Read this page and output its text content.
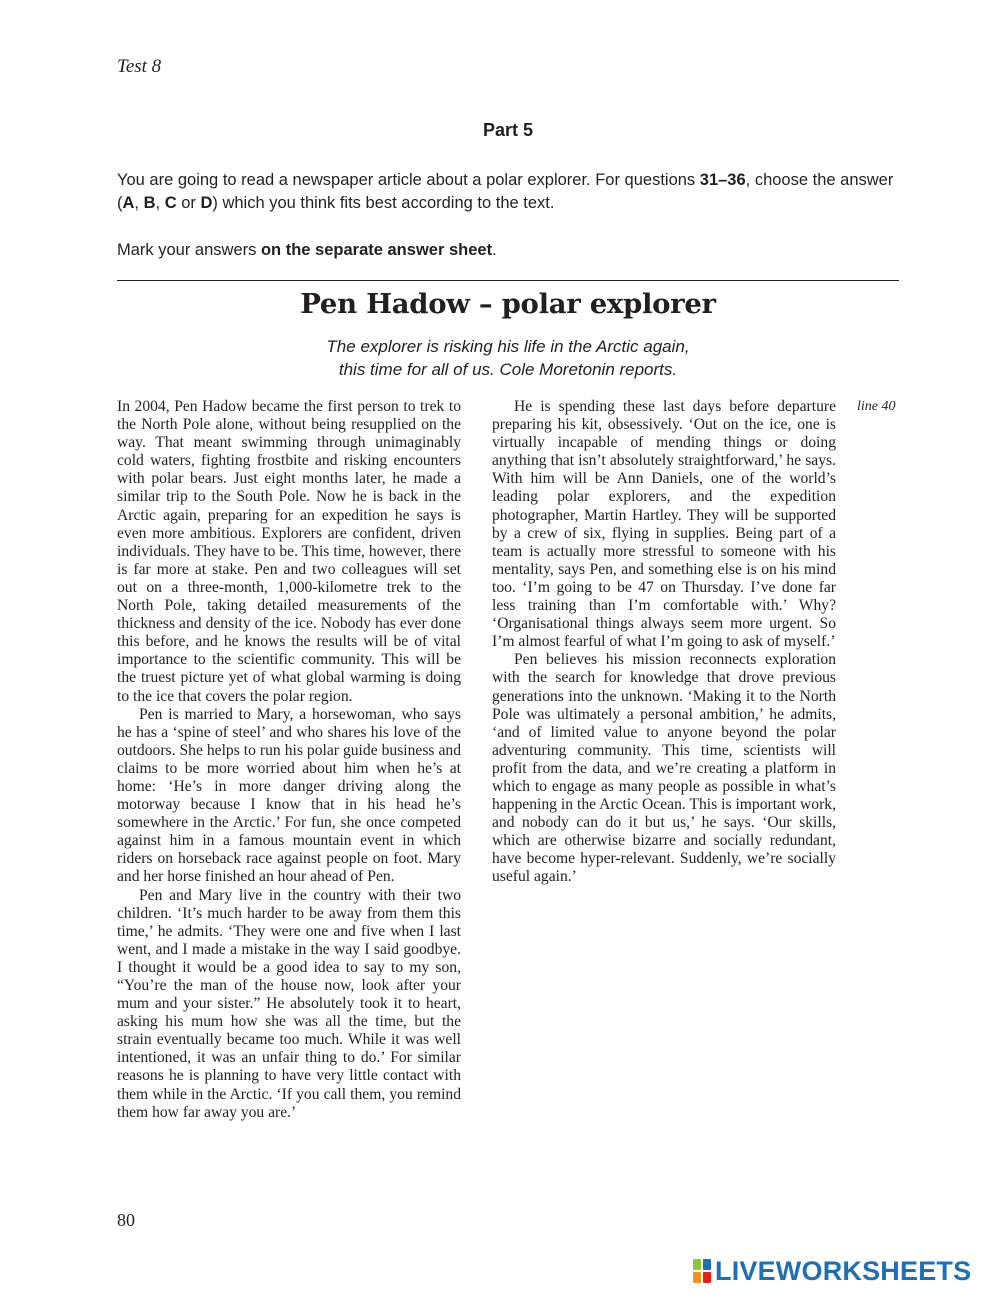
Test 8
Part 5
You are going to read a newspaper article about a polar explorer. For questions 31–36, choose the answer (A, B, C or D) which you think fits best according to the text.
Mark your answers on the separate answer sheet.
Pen Hadow – polar explorer
The explorer is risking his life in the Arctic again,
this time for all of us. Cole Moretonin reports.

In 2004, Pen Hadow became the first person to trek to the North Pole alone, without being resupplied on the way. That meant swimming through unimaginably cold waters, fighting frostbite and risking encounters with polar bears. Just eight months later, he made a similar trip to the South Pole. Now he is back in the Arctic again, preparing for an expedition he says is even more ambitious. Explorers are confident, driven individuals. They have to be. This time, however, there is far more at stake. Pen and two colleagues will set out on a three-month, 1,000-kilometre trek to the North Pole, taking detailed measurements of the thickness and density of the ice. Nobody has ever done this before, and he knows the results will be of vital importance to the scientific community. This will be the truest picture yet of what global warming is doing to the ice that covers the polar region.

Pen is married to Mary, a horsewoman, who says he has a ‘spine of steel’ and who shares his love of the outdoors. She helps to run his polar guide business and claims to be more worried about him when he’s at home: ‘He’s in more danger driving along the motorway because I know that in his head he’s somewhere in the Arctic.’ For fun, she once competed against him in a famous mountain event in which riders on horseback race against people on foot. Mary and her horse finished an hour ahead of Pen.

Pen and Mary live in the country with their two children. ‘It’s much harder to be away from them this time,’ he admits. ‘They were one and five when I last went, and I made a mistake in the way I said goodbye. I thought it would be a good idea to say to my son, “You’re the man of the house now, look after your mum and your sister.” He absolutely took it to heart, asking his mum how she was all the time, but the strain eventually became too much. While it was well intentioned, it was an unfair thing to do.’ For similar reasons he is planning to have very little contact with them while in the Arctic. ‘If you call them, you remind them how far away you are.’

He is spending these last days before departure preparing his kit, obsessively. ‘Out on the ice, one is virtually incapable of mending things or doing anything that isn’t absolutely straightforward,’ he says. With him will be Ann Daniels, one of the world’s leading polar explorers, and the expedition photographer, Martin Hartley. They will be supported by a crew of six, flying in supplies. Being part of a team is actually more stressful to someone with his mentality, says Pen, and something else is on his mind too. ‘I’m going to be 47 on Thursday. I’ve done far less training than I’m comfortable with.’ Why? ‘Organisational things always seem more urgent. So I’m almost fearful of what I’m going to ask of myself.’

Pen believes his mission reconnects exploration with the search for knowledge that drove previous generations into the unknown. ‘Making it to the North Pole was ultimately a personal ambition,’ he admits, ‘and of limited value to anyone beyond the polar adventuring community. This time, scientists will profit from the data, and we’re creating a platform in which to engage as many people as possible in what’s happening in the Arctic Ocean. This is important work, and nobody can do it but us,’ he says. ‘Our skills, which are otherwise bizarre and socially redundant, have become hyper-relevant. Suddenly, we’re socially useful again.’

line 40
80
LIVEWORKSHEETS
